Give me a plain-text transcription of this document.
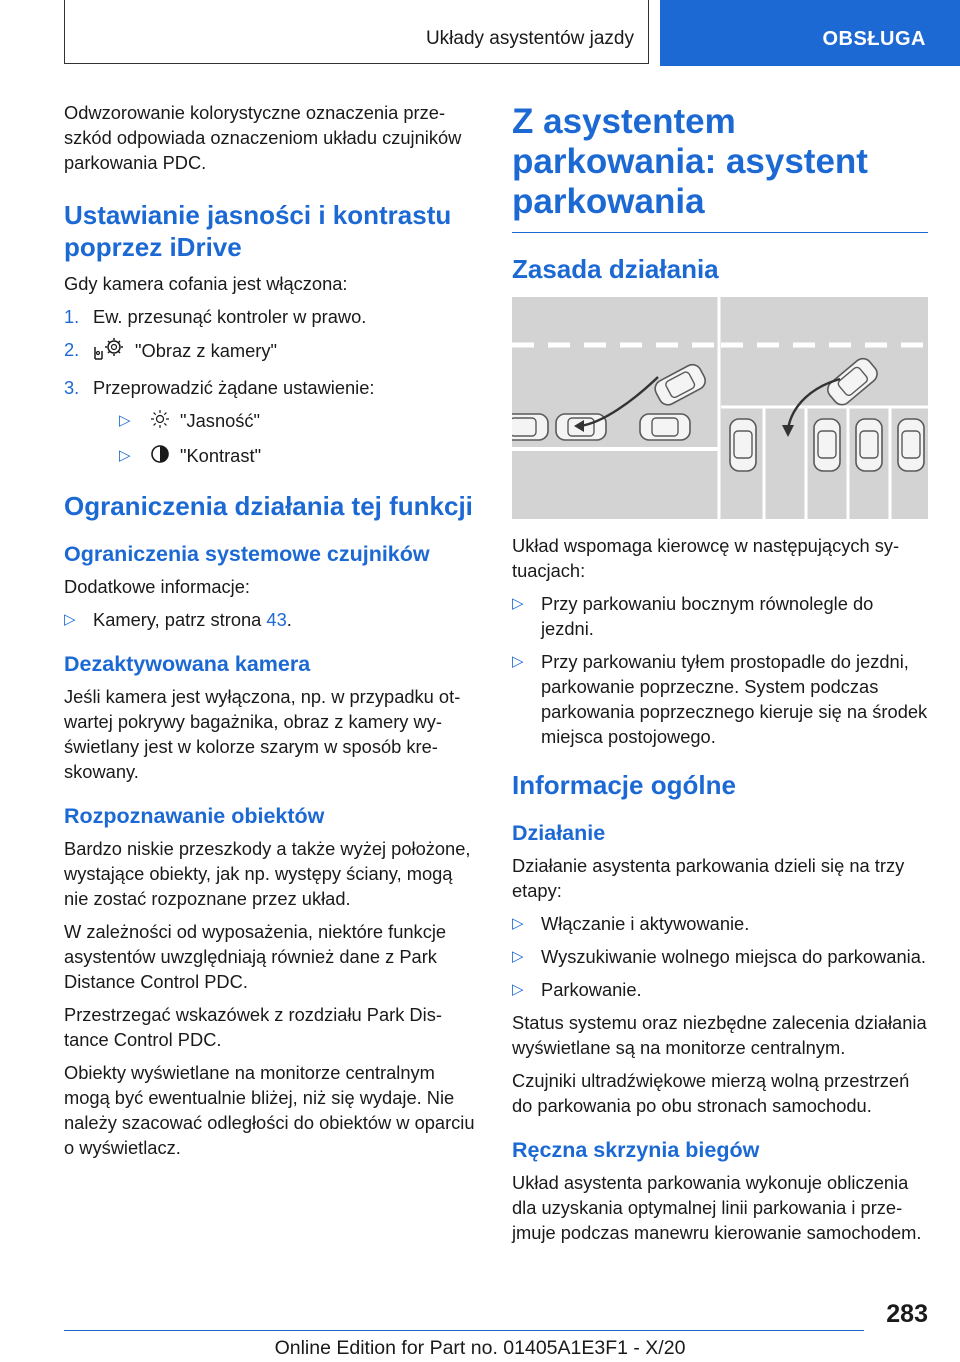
Układy asystentów jazdy	OBSŁUGA

Odwzorowanie kolorystyczne oznaczenia przeszkód odpowiada oznaczeniom układu czujników parkowania PDC.

Ustawianie jasności i kontrastu poprzez iDrive

Gdy kamera cofania jest włączona:

1. Ew. przesunąć kontroler w prawo.
2.	"Obraz z kamery"
3. Przeprowadzić żądane ustawienie:
▷	"Jasność"
▷	"Kontrast"
Ograniczenia działania tej funkcji
Ograniczenia systemowe czujników

Dodatkowe informacje:

▷ Kamery, patrz strona 43.
Dezaktywowana kamera

Jeśli kamera jest wyłączona, np. w przypadku otwartej pokrywy bagażnika, obraz z kamery wyświetlany jest w kolorze szarym w sposób kreskowany.

Rozpoznawanie obiektów

Bardzo niskie przeszkody a także wyżej położone, wystające obiekty, jak np. występy ściany, mogą nie zostać rozpoznane przez układ.

W zależności od wyposażenia, niektóre funkcje asystentów uwzględniają również dane z Park Distance Control PDC.

Przestrzegać wskazówek z rozdziału Park Distance Control PDC.

Obiekty wyświetlane na monitorze centralnym mogą być ewentualnie bliżej, niż się wydaje. Nie należy szacować odległości do obiektów w oparciu o wyświetlacz.

Z asystentem parkowania: asystent parkowania
Zasada działania

Układ wspomaga kierowcę w następujących sytuacjach:

▷ Przy parkowaniu bocznym równolegle do jezdni.
▷ Przy parkowaniu tyłem prostopadle do jezdni, parkowanie poprzeczne. System podczas parkowania poprzecznego kieruje się na środek miejsca postojowego.
Informacje ogólne
Działanie

Działanie asystenta parkowania dzieli się na trzy etapy:

▷ Włączanie i aktywowanie.
▷ Wyszukiwanie wolnego miejsca do parkowania.
▷ Parkowanie.

Status systemu oraz niezbędne zalecenia działania wyświetlane są na monitorze centralnym.

Czujniki ultradźwiękowe mierzą wolną przestrzeń do parkowania po obu stronach samochodu.

Ręczna skrzynia biegów

Układ asystenta parkowania wykonuje obliczenia dla uzyskania optymalnej linii parkowania i przejmuje podczas manewru kierowanie samochodem.

283
Online Edition for Part no. 01405A1E3F1 - X/20
